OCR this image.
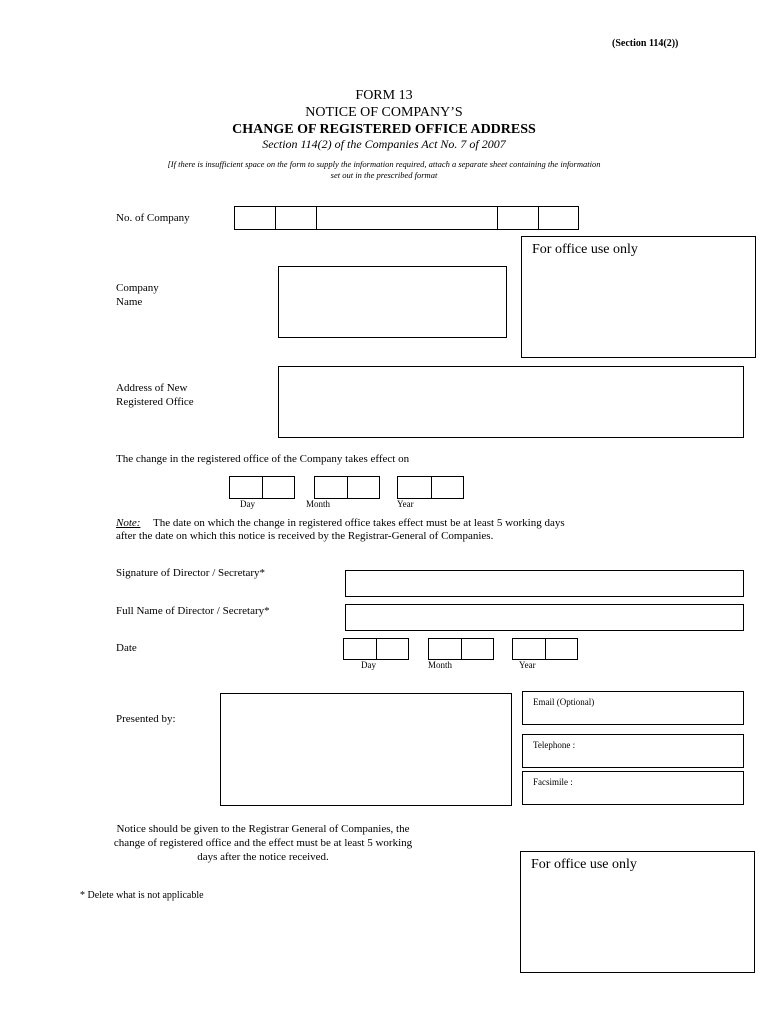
(Section 114(2))
FORM 13
NOTICE OF COMPANY’S
CHANGE OF REGISTERED OFFICE ADDRESS
Section 114(2) of the Companies Act No. 7 of 2007
[If there is insufficient space on the form to supply the information required, attach a separate sheet containing the information
set out in the prescribed format
No. of Company
For office use only
Company
Name
Address of New
Registered Office
The change in the registered office of the Company takes effect on
Day	Month	Year
Note: The date on which the change in registered office takes effect must be at least 5 working days
after the date on which this notice is received by the Registrar-General of Companies.
Signature of Director / Secretary*
Full Name of Director / Secretary*
Date
Day	Month	Year
Presented by:
Email (Optional)
Telephone :
Facsimile :
Notice should be given to the Registrar General of Companies, the
change of registered office and the effect must be at least 5 working
days after the notice received.
* Delete what is not applicable
For office use only
